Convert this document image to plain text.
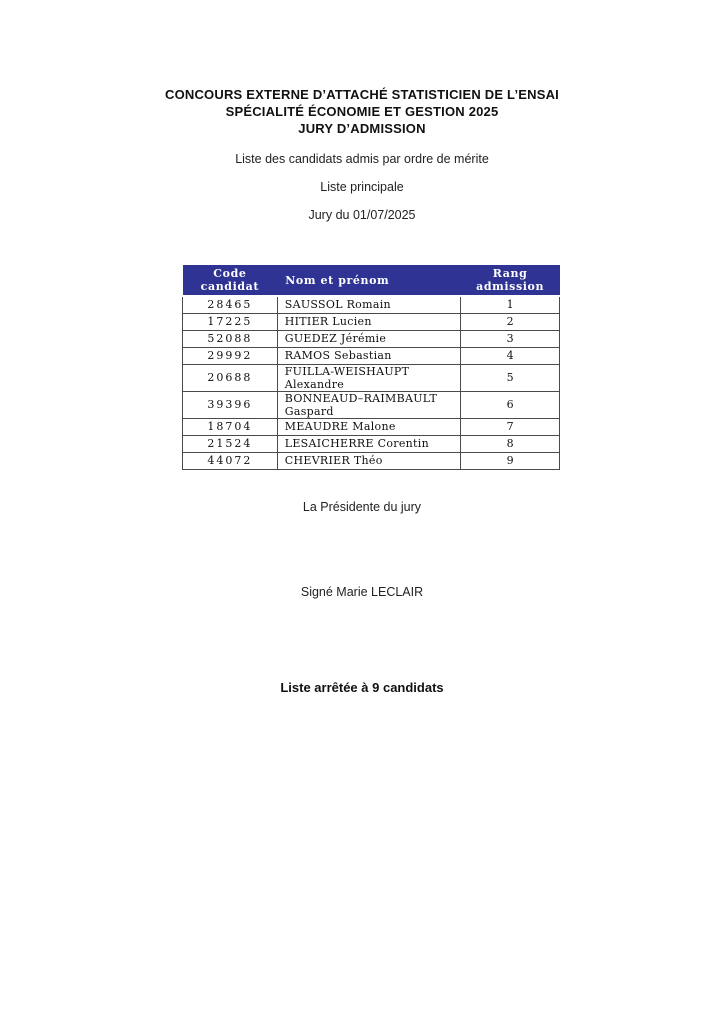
CONCOURS EXTERNE D’ATTACHÉ STATISTICIEN DE L’ENSAI
SPÉCIALITÉ ÉCONOMIE ET GESTION 2025
JURY D’ADMISSION
Liste des candidats admis par ordre de mérite
Liste principale
Jury du 01/07/2025
Code candidat	Nom et prénom	Rang admission
28465	SAUSSOL Romain	1
17225	HITIER Lucien	2
52088	GUEDEZ Jérémie	3
29992	RAMOS Sebastian	4
20688	FUILLA-WEISHAUPT Alexandre	5
39396	BONNEAUD–RAIMBAULT Gaspard	6
18704	MEAUDRE Malone	7
21524	LESAICHERRE Corentin	8
44072	CHEVRIER Théo	9
La Présidente du jury
Signé Marie LECLAIR
Liste arrêtée à 9 candidats
